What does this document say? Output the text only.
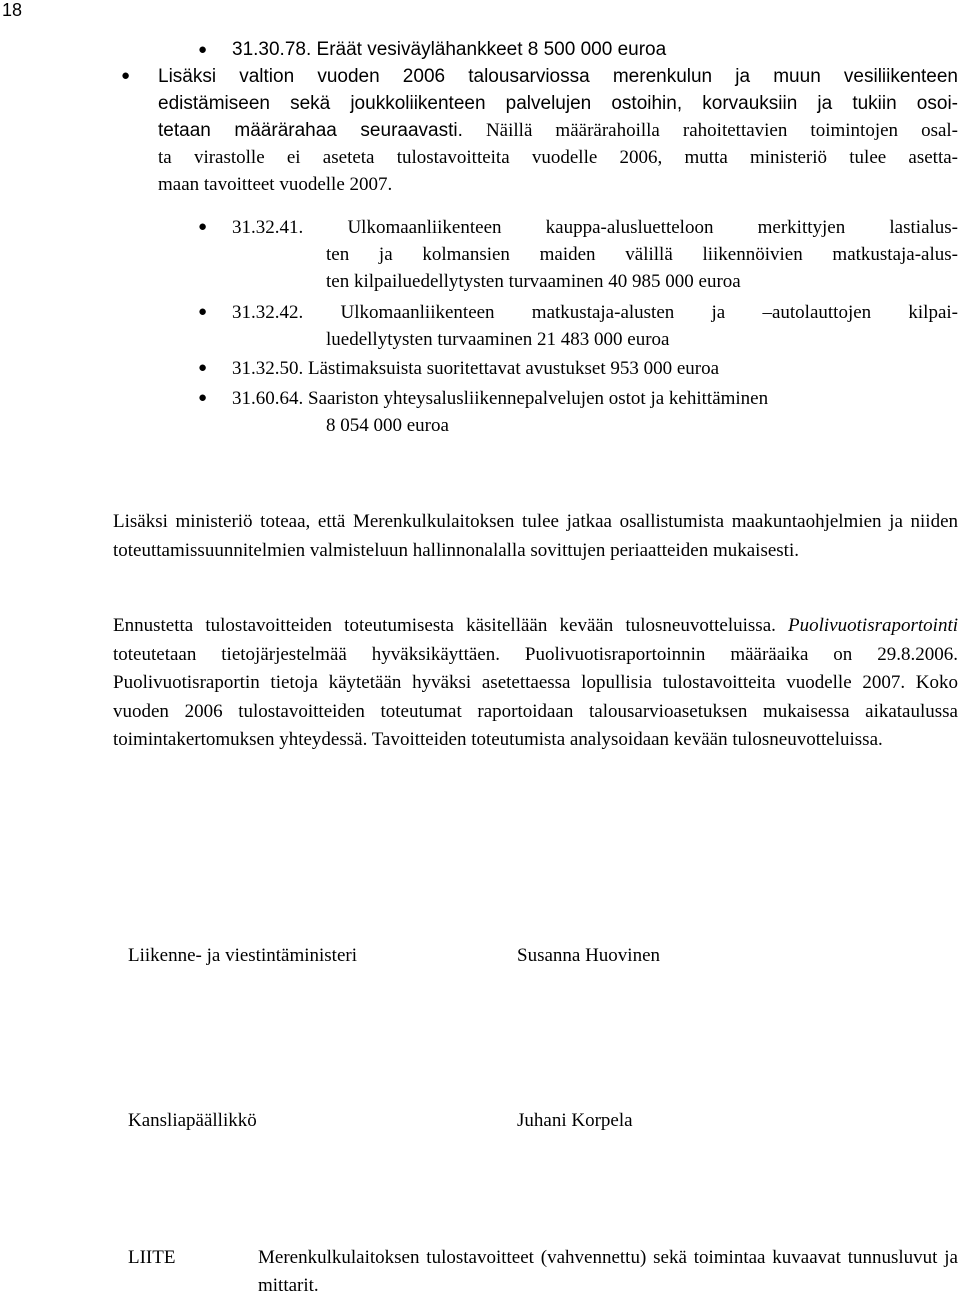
18
● 31.30.78. Eräät vesiväylähankkeet 8 500 000 euroa
● Lisäksi valtion vuoden 2006 talousarviossa merenkulun ja muun vesiliikenteen
edistämiseen sekä joukkoliikenteen palvelujen ostoihin, korvauksiin ja tukiin osoi-
tetaan määrärahaa seuraavasti. Näillä määrärahoilla rahoitettavien toimintojen osal-
ta virastolle ei aseteta tulostavoitteita vuodelle 2006, mutta ministeriö tulee asetta-
maan tavoitteet vuodelle 2007.
● 31.32.41. Ulkomaanliikenteen kauppa-alusluetteloon merkittyjen lastialus-
ten ja kolmansien maiden välillä liikennöivien matkustaja-alus-
ten kilpailuedellytysten turvaaminen 40 985 000 euroa
● 31.32.42. Ulkomaanliikenteen matkustaja-alusten ja –autolauttojen kilpai-
luedellytysten turvaaminen 21 483 000 euroa
● 31.32.50. Lästimaksuista suoritettavat avustukset 953 000 euroa
● 31.60.64. Saariston yhteysalusliikennepalvelujen ostot ja kehittäminen
8 054 000 euroa
Lisäksi ministeriö toteaa, että Merenkulkulaitoksen tulee jatkaa osallistumista maakuntaohjelmien ja niiden toteuttamissuunnitelmien valmisteluun hallinnonalalla sovittujen periaatteiden mukaisesti.
Ennustetta tulostavoitteiden toteutumisesta käsitellään kevään tulosneuvotteluissa. Puolivuotisraportointi toteutetaan tietojärjestelmää hyväksikäyttäen. Puolivuotisraportoinnin määräaika on 29.8.2006. Puolivuotisraportin tietoja käytetään hyväksi asetettaessa lopullisia tulostavoitteita vuodelle 2007. Koko vuoden 2006 tulostavoitteiden toteutumat raportoidaan talousarvioasetuksen mukaisessa aikataulussa toimintakertomuksen yhteydessä. Tavoitteiden toteutumista analysoidaan kevään tulosneuvotteluissa.
Liikenne- ja viestintäministeri	Susanna Huovinen
Kansliapäällikkö	Juhani Korpela
LIITE	Merenkulkulaitoksen tulostavoitteet (vahvennettu) sekä toimintaa kuvaavat tunnusluvut ja mittarit.
